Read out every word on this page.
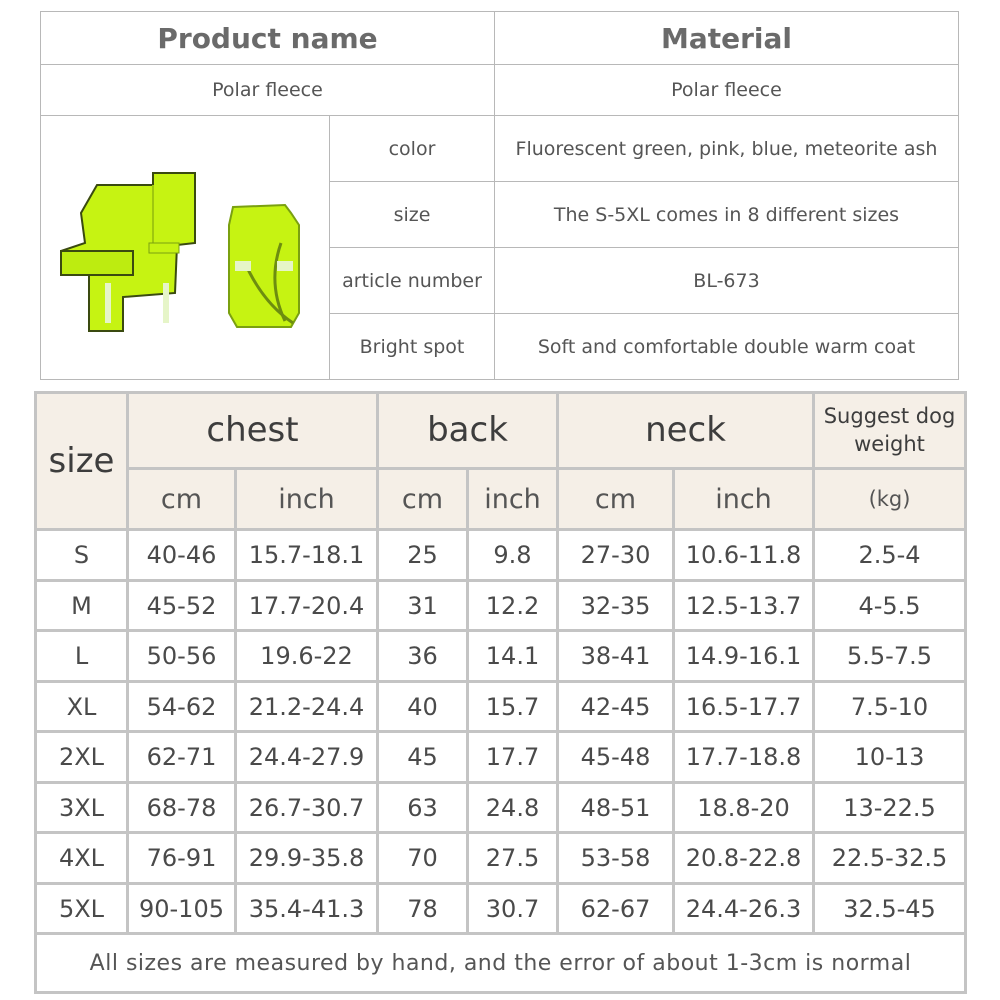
Product name		Material
Polar fleece		Polar fleece

	color	Fluorescent green, pink, blue, meteorite ash
	size	The S-5XL comes in 8 different sizes
	article number	BL-673
	Bright spot	Soft and comfortable double warm coat
size	chest		back		neck		Suggest dog weight
	cm	inch	cm	inch	cm	inch	(kg)
S	40-46	15.7-18.1	25	9.8	27-30	10.6-11.8	2.5-4
M	45-52	17.7-20.4	31	12.2	32-35	12.5-13.7	4-5.5
L	50-56	19.6-22	36	14.1	38-41	14.9-16.1	5.5-7.5
XL	54-62	21.2-24.4	40	15.7	42-45	16.5-17.7	7.5-10
2XL	62-71	24.4-27.9	45	17.7	45-48	17.7-18.8	10-13
3XL	68-78	26.7-30.7	63	24.8	48-51	18.8-20	13-22.5
4XL	76-91	29.9-35.8	70	27.5	53-58	20.8-22.8	22.5-32.5
5XL	90-105	35.4-41.3	78	30.7	62-67	24.4-26.3	32.5-45
All sizes are measured by hand, and the error of about 1-3cm is normal							
